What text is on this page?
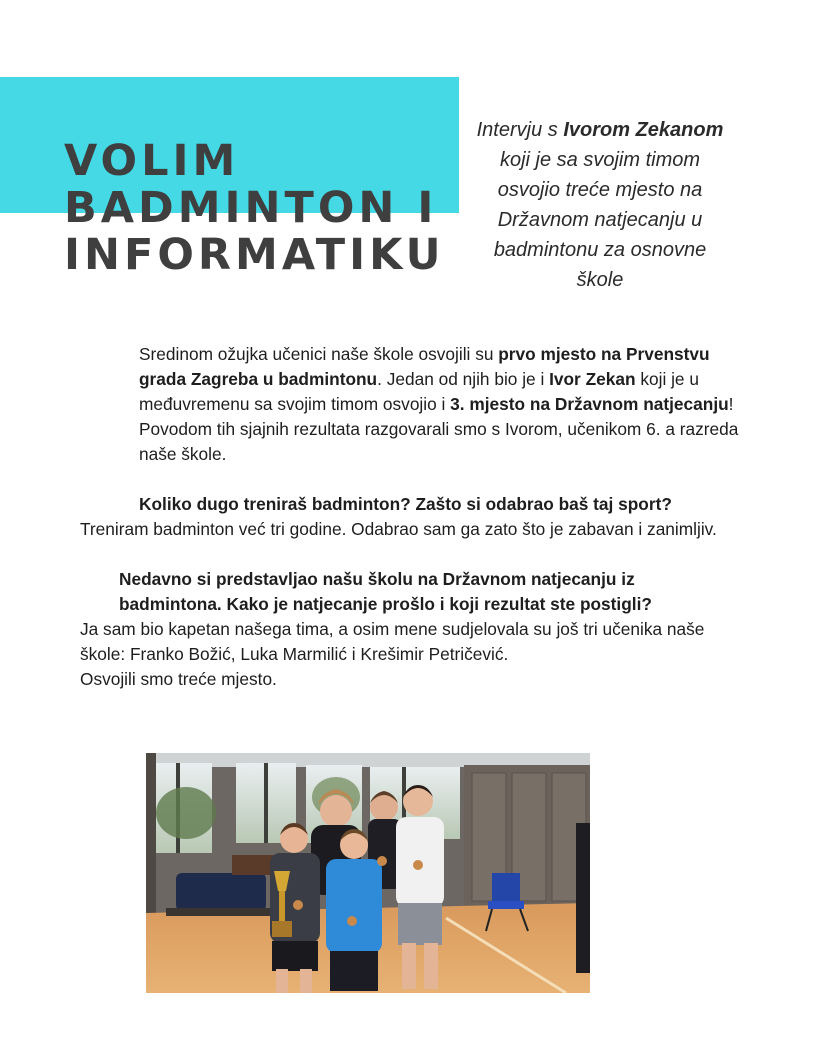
VOLIM
BADMINTON I
INFORMATIKU
Intervju s Ivorom Zekanom koji je sa svojim timom osvojio treće mjesto na Državnom natjecanju u badmintonu za osnovne škole

Sredinom ožujka učenici naše škole osvojili su prvo mjesto na Prvenstvu grada Zagreba u badmintonu. Jedan od njih bio je i Ivor Zekan koji je u međuvremenu sa svojim timom osvojio i 3. mjesto na Državnom natjecanju! Povodom tih sjajnih rezultata razgovarali smo s Ivorom, učenikom 6. a razreda naše škole.

Koliko dugo treniraš badminton? Zašto si odabrao baš taj sport?

Treniram badminton već tri godine. Odabrao sam ga zato što je zabavan i zanimljiv.

Nedavno si predstavljao našu školu na Državnom natjecanju iz badmintona. Kako je natjecanje prošlo i koji rezultat ste postigli?

Ja sam bio kapetan našega tima, a osim mene sudjelovala su još tri učenika naše škole: Franko Božić, Luka Marmilić i Krešimir Petričević.

Osvojili smo treće mjesto.
